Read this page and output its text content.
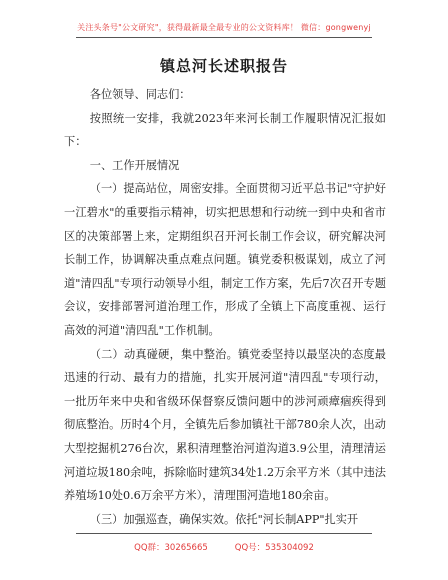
关注头条号"公文研究"，获得最新最全最专业的公文资料库！ 微信：gongwenyj
镇总河长述职报告

各位领导、同志们：

按照统一安排，我就2023年来河长制工作履职情况汇报如下：

一、工作开展情况

（一）提高站位，周密安排。全面贯彻习近平总书记"守护好一江碧水"的重要指示精神，切实把思想和行动统一到中央和省市区的决策部署上来，定期组织召开河长制工作会议，研究解决河长制工作，协调解决重点难点问题。镇党委积极谋划，成立了河道"清四乱"专项行动领导小组，制定工作方案，先后7次召开专题会议，安排部署河道治理工作，形成了全镇上下高度重视、运行高效的河道"清四乱"工作机制。

（二）动真碰硬，集中整治。镇党委坚持以最坚决的态度最迅速的行动、最有力的措施，扎实开展河道"清四乱"专项行动，一批历年来中央和省级环保督察反馈问题中的涉河顽瘴痼疾得到彻底整治。历时4个月，全镇先后参加镇社干部780余人次，出动大型挖掘机276台次，累积清理整治河道沟道3.9公里，清理清运河道垃圾180余吨，拆除临时建筑34处1.2万余平方米（其中违法养殖场10处0.6万余平方米），清理围河造地180余亩。

（三）加强巡查，确保实效。依托"河长制APP"扎实开

QQ群：30265665          QQ号：535304092
